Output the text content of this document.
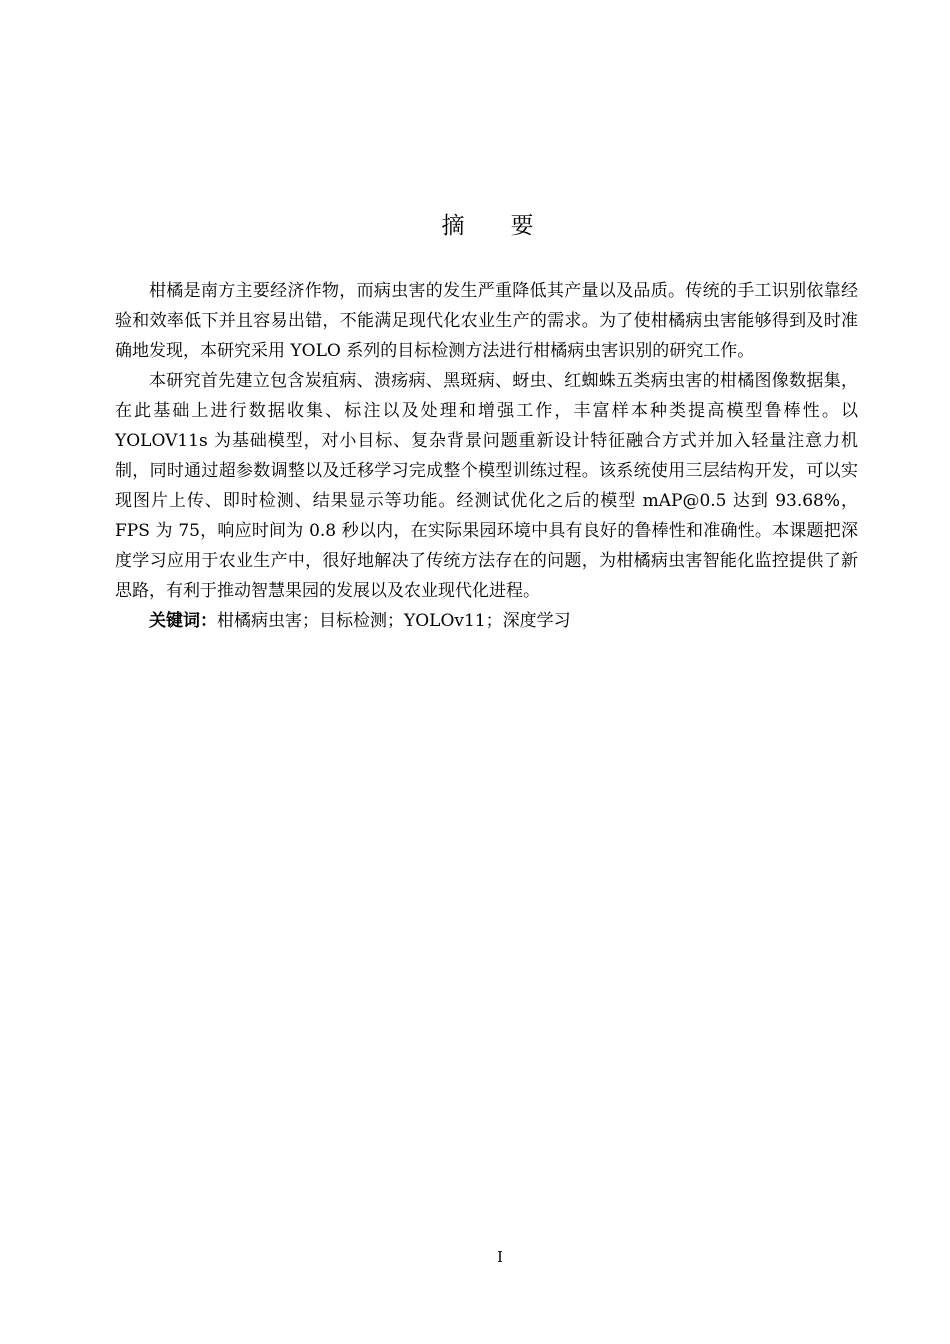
摘 要

柑橘是南方主要经济作物，而病虫害的发生严重降低其产量以及品质。传统的手工识别依靠经验和效率低下并且容易出错，不能满足现代化农业生产的需求。为了使柑橘病虫害能够得到及时准确地发现，本研究采用 YOLO 系列的目标检测方法进行柑橘病虫害识别的研究工作。

本研究首先建立包含炭疽病、溃疡病、黑斑病、蚜虫、红蜘蛛五类病虫害的柑橘图像数据集，在此基础上进行数据收集、标注以及处理和增强工作，丰富样本种类提高模型鲁棒性。以 YOLOV11s 为基础模型，对小目标、复杂背景问题重新设计特征融合方式并加入轻量注意力机制，同时通过超参数调整以及迁移学习完成整个模型训练过程。该系统使用三层结构开发，可以实现图片上传、即时检测、结果显示等功能。经测试优化之后的模型 mAP@0.5 达到 93.68%，FPS 为 75，响应时间为 0.8 秒以内，在实际果园环境中具有良好的鲁棒性和准确性。本课题把深度学习应用于农业生产中，很好地解决了传统方法存在的问题，为柑橘病虫害智能化监控提供了新思路，有利于推动智慧果园的发展以及农业现代化进程。

关键词：柑橘病虫害；目标检测；YOLOv11；深度学习

I
